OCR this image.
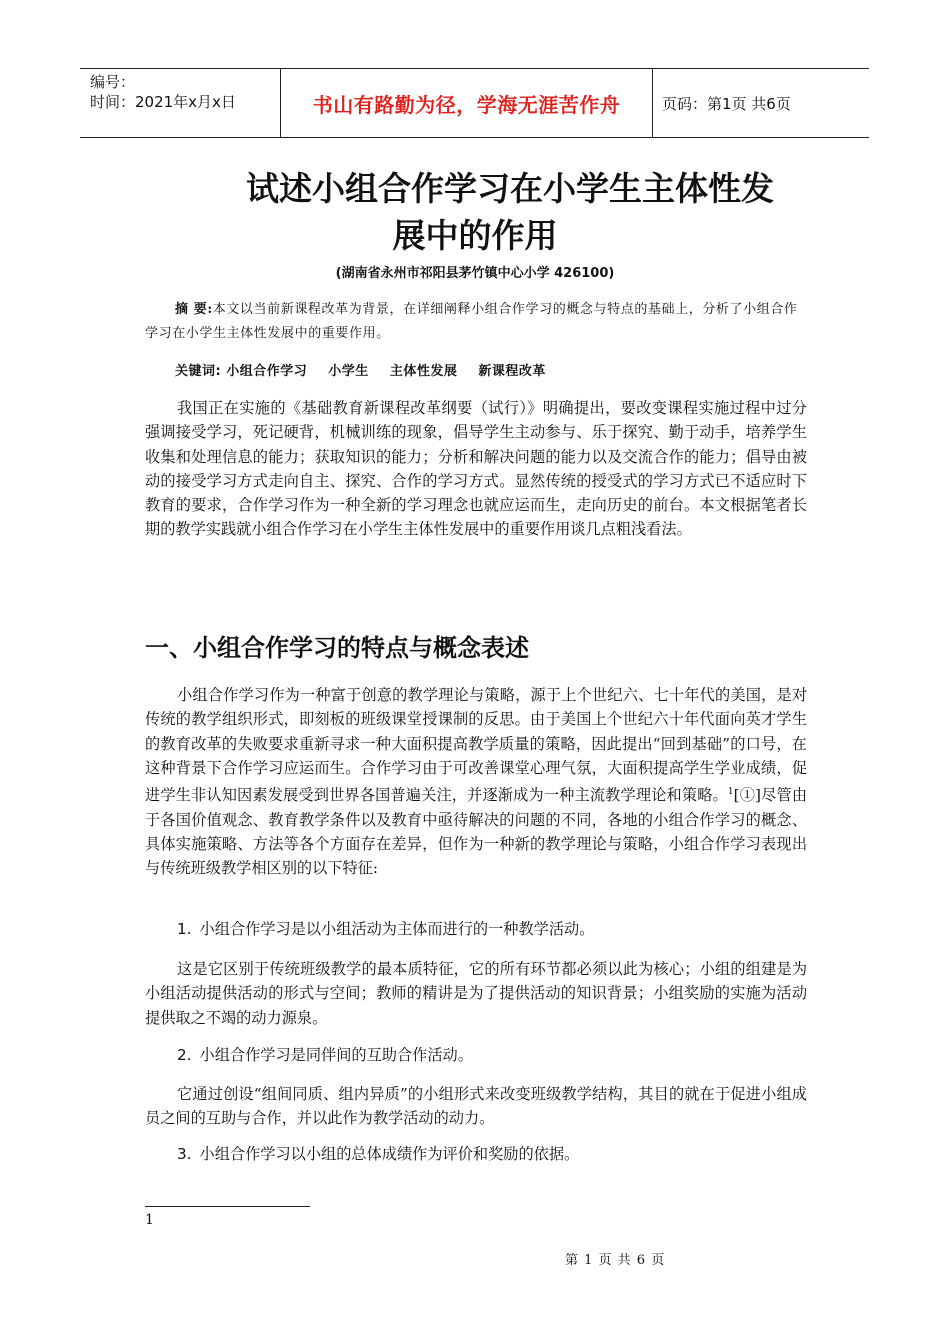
编号：
时间：2021年x月x日	书山有路勤为径，学海无涯苦作舟	页码：第1页 共6页
试述小组合作学习在小学生主体性发
展中的作用
(湖南省永州市祁阳县茅竹镇中心小学 426100)
摘 要:本文以当前新课程改革为背景，在详细阐释小组合作学习的概念与特点的基础上，分析了小组合作学习在小学生主体性发展中的重要作用。
关键词: 小组合作学习 小学生 主体性发展 新课程改革
我国正在实施的《基础教育新课程改革纲要（试行）》明确提出，要改变课程实施过程中过分强调接受学习，死记硬背，机械训练的现象，倡导学生主动参与、乐于探究、勤于动手，培养学生收集和处理信息的能力；获取知识的能力；分析和解决问题的能力以及交流合作的能力；倡导由被动的接受学习方式走向自主、探究、合作的学习方式。显然传统的授受式的学习方式已不适应时下教育的要求，合作学习作为一种全新的学习理念也就应运而生，走向历史的前台。本文根据笔者长期的教学实践就小组合作学习在小学生主体性发展中的重要作用谈几点粗浅看法。
一、小组合作学习的特点与概念表述
小组合作学习作为一种富于创意的教学理论与策略，源于上个世纪六、七十年代的美国，是对传统的教学组织形式，即刻板的班级课堂授课制的反思。由于美国上个世纪六十年代面向英才学生的教育改革的失败要求重新寻求一种大面积提高教学质量的策略，因此提出“回到基础”的口号，在这种背景下合作学习应运而生。合作学习由于可改善课堂心理气氛，大面积提高学生学业成绩，促进学生非认知因素发展受到世界各国普遍关注，并逐渐成为一种主流教学理论和策略。$^1$[①]尽管由于各国价值观念、教育教学条件以及教育中亟待解决的问题的不同，各地的小组合作学习的概念、具体实施策略、方法等各个方面存在差异，但作为一种新的教学理论与策略，小组合作学习表现出与传统班级教学相区别的以下特征:
1. 小组合作学习是以小组活动为主体而进行的一种教学活动。
这是它区别于传统班级教学的最本质特征，它的所有环节都必须以此为核心；小组的组建是为小组活动提供活动的形式与空间；教师的精讲是为了提供活动的知识背景；小组奖励的实施为活动提供取之不竭的动力源泉。
2. 小组合作学习是同伴间的互助合作活动。
它通过创设“组间同质、组内异质”的小组形式来改变班级教学结构，其目的就在于促进小组成员之间的互助与合作，并以此作为教学活动的动力。
3. 小组合作学习以小组的总体成绩作为评价和奖励的依据。
1
第 1 页 共 6 页
